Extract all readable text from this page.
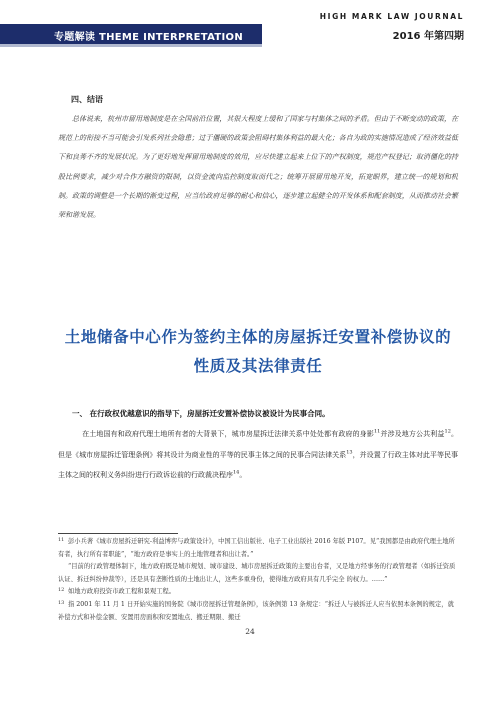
专题解读 THEME INTERPRETATION
HIGH MARK LAW JOURNAL
2016 年第四期
四、结语
总体说来，杭州市留用地制度是在全国前沿位置，其很大程度上缓和了国家与村集体之间的矛盾。但由于不断变动的政策，在规范上的衔接不当可能会引发系列社会隐患；过于僵硬的政策会阻碍村集体利益的最大化；各自为政的实施情况造成了经济效益低下和良莠不齐的发展状况。为了更好地发挥留用地制度的效用，应尽快建立起来上位下的产权制度，规范产权登记；取消僵化的持股比例要求，减少对合作方融资的限制，以资金流向监控制度取而代之；统筹开展留用地开发，拓宽眼界，建立统一的规划和机制。政策的调整是一个长期的渐变过程，应当给政府足够的耐心和信心，逐步建立起健全的开发体系和配套制度，从而推动社会繁荣和谐发展。
土地储备中心作为签约主体的房屋拆迁安置补偿协议的性质及其法律责任
一、 在行政权优越意识的指导下，房屋拆迁安置补偿协议被设计为民事合同。
在土地国有和政府代理土地所有者的大背景下，城市房屋拆迁法律关系中处处都有政府的身影$^{11}$并涉及地方公共利益$^{12}$。但是《城市房屋拆迁管理条例》将其设计为商业性的平等的民事主体之间的民事合同法律关系$^{13}$，并设置了行政主体对此平等民事主体之间的权利义务纠纷进行行政诉讼前的行政裁决程序$^{14}$。
11 彭小兵著《城市房屋拆迁研究-利益博弈与政策设计》，中国工信出版社、电子工业出版社 2016 年版 P107。见“我国都是由政府代理土地所有者，执行所有者职能”，“地方政府是事实上的土地管理者和出让者。”
“目前的行政管理体制下，地方政府既是城市规划、城市建设、城市房屋拆迁政策的主要出台者，又是地方经事务的行政管理者（如拆迁资质认证、拆迁纠纷仲裁等），还是具有垄断性质的土地出让人，这些多重身份，使得地方政府具有几乎完全 的权力。……”
12 如地方政府投资市政工程和景观工程。
13 指 2001 年 11 月 1 日开始实施的国务院《城市房屋拆迁管理条例》，该条例第 13 条规定：“拆迁人与被拆迁人应当依照本条例的规定，就补偿方式和补偿金额、安置用房面积和安置地点、搬迁期限、搬迁
24
